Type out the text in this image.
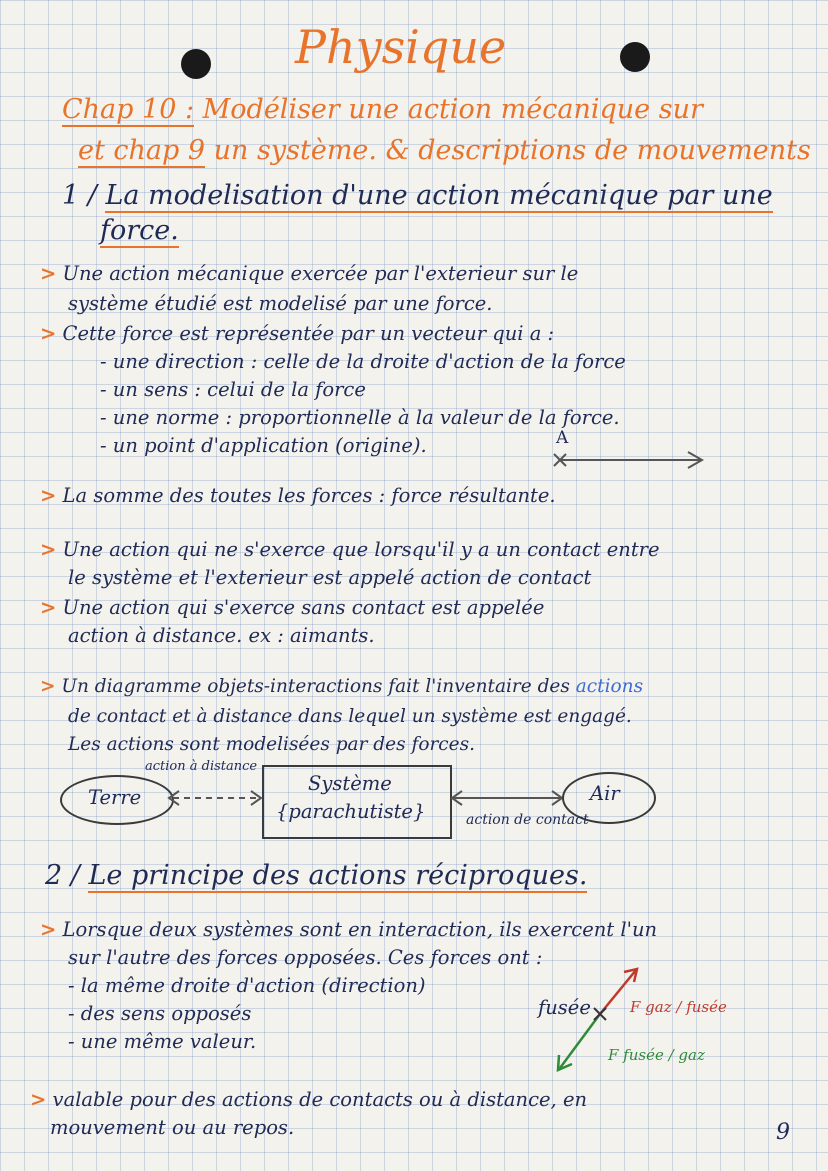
Physique
Chap 10 : Modéliser une action mécanique sur
et chap 9 un système. & descriptions de mouvements
1 / La modelisation d'une action mécanique par une
force.
> Une action mécanique exercée par l'exterieur sur le
système étudié est modelisé par une force.
> Cette force est représentée par un vecteur qui a :
- une direction : celle de la droite d'action de la force
- un sens : celui de la force
- une norme : proportionnelle à la valeur de la force.
- un point d'application (origine).	A
> La somme des toutes les forces : force résultante.
> Une action qui ne s'exerce que lorsqu'il y a un contact entre
le système et l'exterieur est appelé action de contact
> Une action qui s'exerce sans contact est appelée
action à distance. ex : aimants.
> Un diagramme objets-interactions fait l'inventaire des actions
de contact et à distance dans lequel un système est engagé.
Les actions sont modelisées par des forces.
action à distance
Terre
Système
{parachutiste}
Air
action de contact
2 / Le principe des actions réciproques.
> Lorsque deux systèmes sont en interaction, ils exercent l'un
sur l'autre des forces opposées. Ces forces ont :
- la même droite d'action (direction)
- des sens opposés
- une même valeur.
fusée	F gaz / fusée
F fusée / gaz
> valable pour des actions de contacts ou à distance, en
mouvement ou au repos.	9
